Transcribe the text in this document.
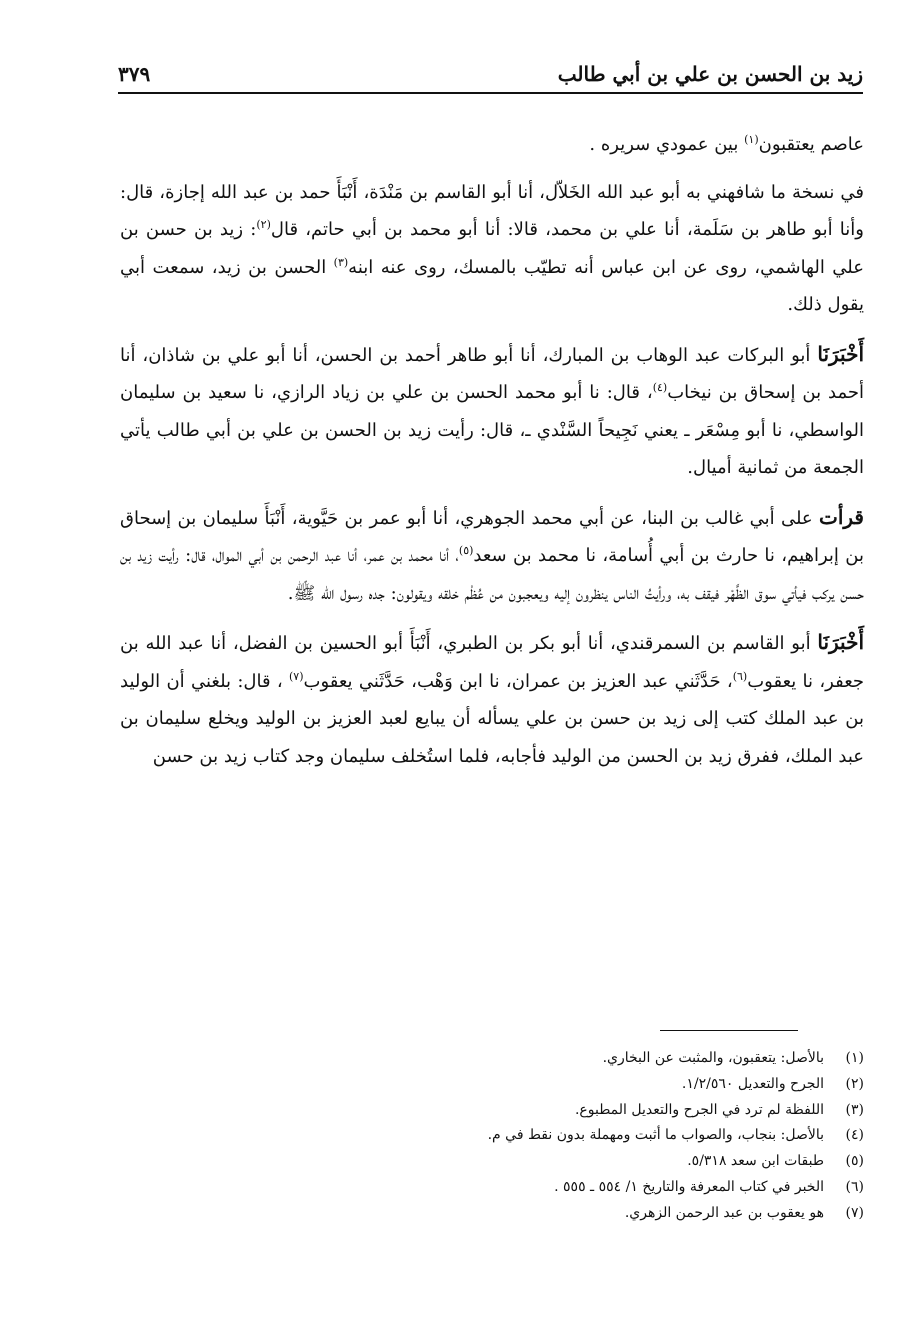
زيد بن الحسن بن علي بن أبي طالب
٣٧٩

عاصم يعتقبون$^{(١)}$ بين عمودي سريره .

في نسخة ما شافهني به أبو عبد الله الخَلاّل، أنا أبو القاسم بن مَنْدَة، أَنْبَأَ حمد بن عبد الله إجازة، قال: وأنا أبو طاهر بن سَلَمة، أنا علي بن محمد، قالا: أنا أبو محمد بن أبي حاتم، قال$^{(٢)}$: زيد بن حسن بن علي الهاشمي، روى عن ابن عباس أنه تطيّب بالمسك، روى عنه ابنه$^{(٣)}$ الحسن بن زيد، سمعت أبي يقول ذلك.

أَخْبَرَنَا أبو البركات عبد الوهاب بن المبارك، أنا أبو طاهر أحمد بن الحسن، أنا أبو علي بن شاذان، أنا أحمد بن إسحاق بن نيخاب$^{(٤)}$، قال: نا أبو محمد الحسن بن علي بن زياد الرازي، نا سعيد بن سليمان الواسطي، نا أبو مِسْعَر ـ يعني نَجِيحاً السَّنْدي ـ، قال: رأيت زيد بن الحسن بن علي بن أبي طالب يأتي الجمعة من ثمانية أميال.

قرأت على أبي غالب بن البنا، عن أبي محمد الجوهري، أنا أبو عمر بن حَيَّوية، أَنْبَأَ سليمان بن إسحاق بن إبراهيم، نا حارث بن أبي أُسامة، نا محمد بن سعد$^{(٥)}$، أنا محمد بن عمر، أنا عبد الرحمن بن أبي الموال، قال: رأيت زيد بن حسن يركب فيأتي سوق الظَّهْر فيقف به، ورأيتُ الناس ينظرون إليه ويعجبون من عُظْم خلقه ويقولون: جده رسول الله ﷺ.

أَخْبَرَنَا أبو القاسم بن السمرقندي، أنا أبو بكر بن الطبري، أَنْبَأَ أبو الحسين بن الفضل، أنا عبد الله بن جعفر، نا يعقوب$^{(٦)}$، حَدَّثَني عبد العزيز بن عمران، نا ابن وَهْب، حَدَّثَني يعقوب$^{(٧)}$ ، قال: بلغني أن الوليد بن عبد الملك كتب إلى زيد بن حسن بن علي يسأله أن يبايع لعبد العزيز بن الوليد ويخلع سليمان بن عبد الملك، ففرق زيد بن الحسن من الوليد فأجابه، فلما استُخلف سليمان وجد كتاب زيد بن حسن

(١)
بالأصل: يتعقبون، والمثبت عن البخاري.
(٢)
الجرح والتعديل ١/٢/٥٦٠.
(٣)
اللفظة لم ترد في الجرح والتعديل المطبوع.
(٤)
بالأصل: بنجاب، والصواب ما أثبت ومهملة بدون نقط في م.
(٥)
طبقات ابن سعد ٥/٣١٨.
(٦)
الخبر في كتاب المعرفة والتاريخ ١/ ٥٥٤ ـ ٥٥٥ .
(٧)
هو يعقوب بن عبد الرحمن الزهري.
